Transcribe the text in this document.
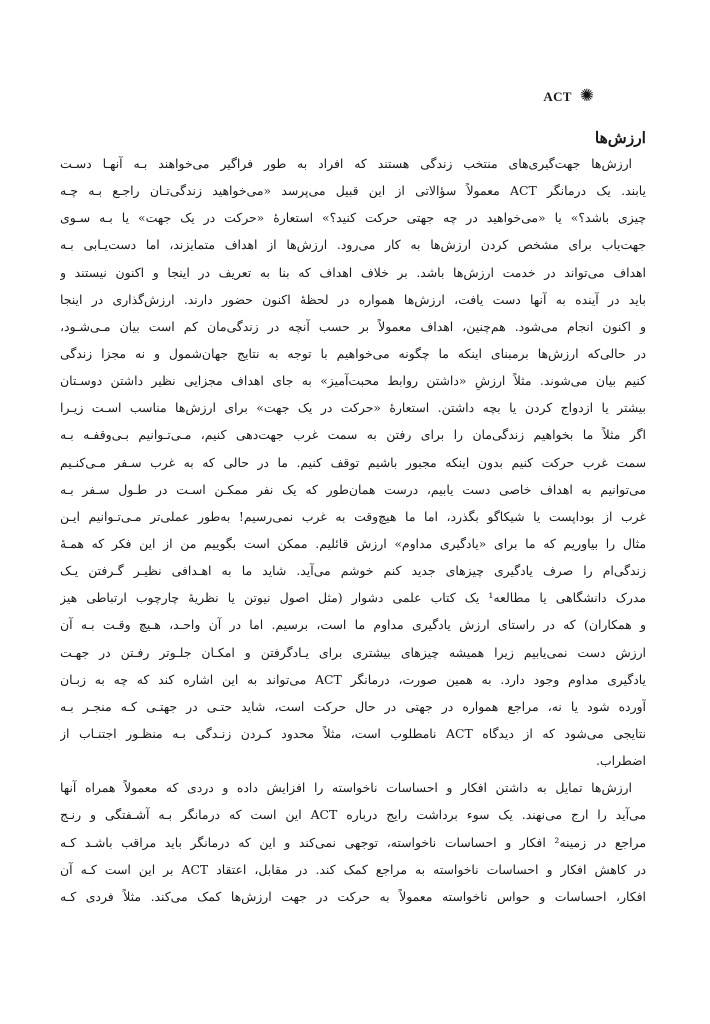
ACT ✺
ارزش‌ها
ارزش‌ها جهت‌گیری‌های منتخب زندگی هستند که افراد به طور فراگیر می‌خواهند بـه آنهـا دسـت
یابند. یک درمانگر ACT معمولاً سؤالاتی از این قبیل می‌پرسد «می‌خواهید زندگی‌تـان راجـع بـه چـه
چیزی باشد؟» یا «می‌خواهید در چه جهتی حرکت کنید؟» استعارهٔ «حرکت در یک جهت» یا بـه سـوی
جهت‌یاب برای مشخص کردن ارزش‌ها به کار می‌رود. ارزش‌ها از اهداف متمایزند، اما دست‌یـابی بـه
اهداف می‌تواند در خدمت ارزش‌ها باشد. بر خلاف اهداف که بنا به تعریف در اینجا و اکنون نیستند و
باید در آینده به آنها دست یافت، ارزش‌ها همواره در لحظهٔ اکنون حضور دارند. ارزش‌گذاری در اینجا
و اکنون انجام می‌شود. هم‌چنین، اهداف معمولاً بر حسب آنچه در زندگی‌مان کم است بیان مـی‌شـود،
در حالی‌که ارزش‌ها برمبنای اینکه ما چگونه می‌خواهیم با توجه به نتایج جهان‌شمول و نه مجزا زندگی
کنیم بیان می‌شوند. مثلاً ارزشِ «داشتن روابط محبت‌آمیز» به جای اهداف مجزایی نظیر داشتن دوسـتان
بیشتر یا ازدواج کردن یا بچه داشتن. استعارهٔ «حرکت در یک جهت» برای ارزش‌ها مناسب اسـت زیـرا
اگر مثلاً ما بخواهیم زندگی‌مان را برای رفتن به سمت غرب جهت‌دهی کنیم، مـی‌تـوانیم بـی‌وقفـه بـه
سمت غرب حرکت کنیم بدون اینکه مجبور باشیم توقف کنیم. ما در حالی که به غرب سـفر مـی‌کنـیم
می‌توانیم به اهداف خاصی دست یابیم، درست همان‌طور که یک نفر ممکـن اسـت در طـول سـفر بـه
غرب از بوداپست یا شیکاگو بگذرد، اما ما هیچ‌وقت به غرب نمی‌رسیم! به‌طور عملی‌تر مـی‌تـوانیم ایـن
مثال را بیاوریم که ما برای «یادگیری مداوم» ارزش قائلیم. ممکن است بگوییم من از این فکر که همـهٔ
زندگی‌ام را صرف یادگیری چیزهای جدید کنم خوشم می‌آید. شاید ما به اهـدافی نظیـر گـرفتن یـک
مدرک دانشگاهی یا مطالعه¹ یک کتاب علمی دشوار (مثل اصول نیوتن یا نظریهٔ چارچوب ارتباطی هیز
و همکاران) که در راستای ارزش یادگیری مداوم ما است، برسیم. اما در آن واحـد، هـیچ وقـت بـه آن
ارزش دست نمی‌یابیم زیرا همیشه چیزهای بیشتری برای یـادگرفتن و امکـان جلـوتر رفـتن در جهـت
یادگیری مداوم وجود دارد. به همین صورت، درمانگر ACT می‌تواند به این اشاره کند که چه به زبـان
آورده شود یا نه، مراجع همواره در جهتی در حال حرکت است، شاید حتـی در جهتـی کـه منجـر بـه
نتایجی می‌شود که از دیدگاه ACT نامطلوب است، مثلاً محدود کـردن زنـدگی بـه منظـور اجتنـاب از
اضطراب.
ارزش‌ها تمایل به داشتن افکار و احساسات ناخواسته را افزایش داده و دردی که معمولاً همراه آنها
می‌آید را ارج می‌نهند. یک سوء برداشت رایج درباره ACT این است که درمانگر بـه آشـفتگی و رنـج
مراجع در زمینه² افکار و احساسات ناخواسته، توجهی نمی‌کند و این که درمانگر باید مراقب باشـد کـه
در کاهش افکار و احساسات ناخواسته به مراجع کمک کند. در مقابل، اعتقاد ACT بر این است کـه آن
افکار، احساسات و حواس ناخواسته معمولاً به حرکت در جهت ارزش‌ها کمک می‌کند. مثلاً فردی کـه
